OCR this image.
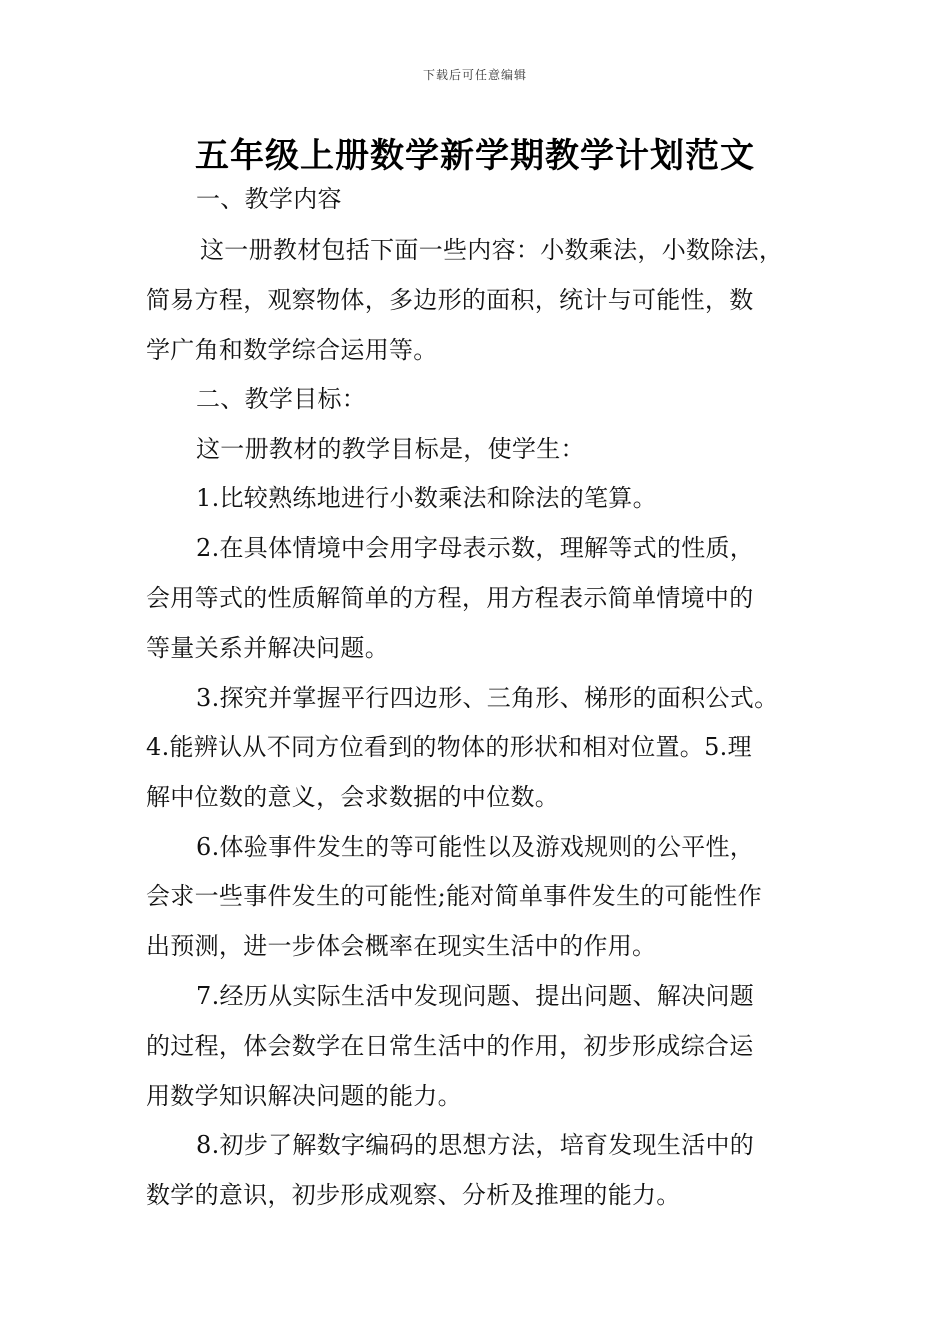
下载后可任意编辑
五年级上册数学新学期教学计划范文
一、教学内容
这一册教材包括下面一些内容：小数乘法，小数除法，
简易方程，观察物体，多边形的面积，统计与可能性，数
学广角和数学综合运用等。
二、教学目标：
这一册教材的教学目标是，使学生：
1.比较熟练地进行小数乘法和除法的笔算。
2.在具体情境中会用字母表示数，理解等式的性质，
会用等式的性质解简单的方程，用方程表示简单情境中的
等量关系并解决问题。
3.探究并掌握平行四边形、三角形、梯形的面积公式。
4.能辨认从不同方位看到的物体的形状和相对位置。5.理
解中位数的意义，会求数据的中位数。
6.体验事件发生的等可能性以及游戏规则的公平性，
会求一些事件发生的可能性;能对简单事件发生的可能性作
出预测，进一步体会概率在现实生活中的作用。
7.经历从实际生活中发现问题、提出问题、解决问题
的过程，体会数学在日常生活中的作用，初步形成综合运
用数学知识解决问题的能力。
8.初步了解数字编码的思想方法，培育发现生活中的
数学的意识，初步形成观察、分析及推理的能力。
